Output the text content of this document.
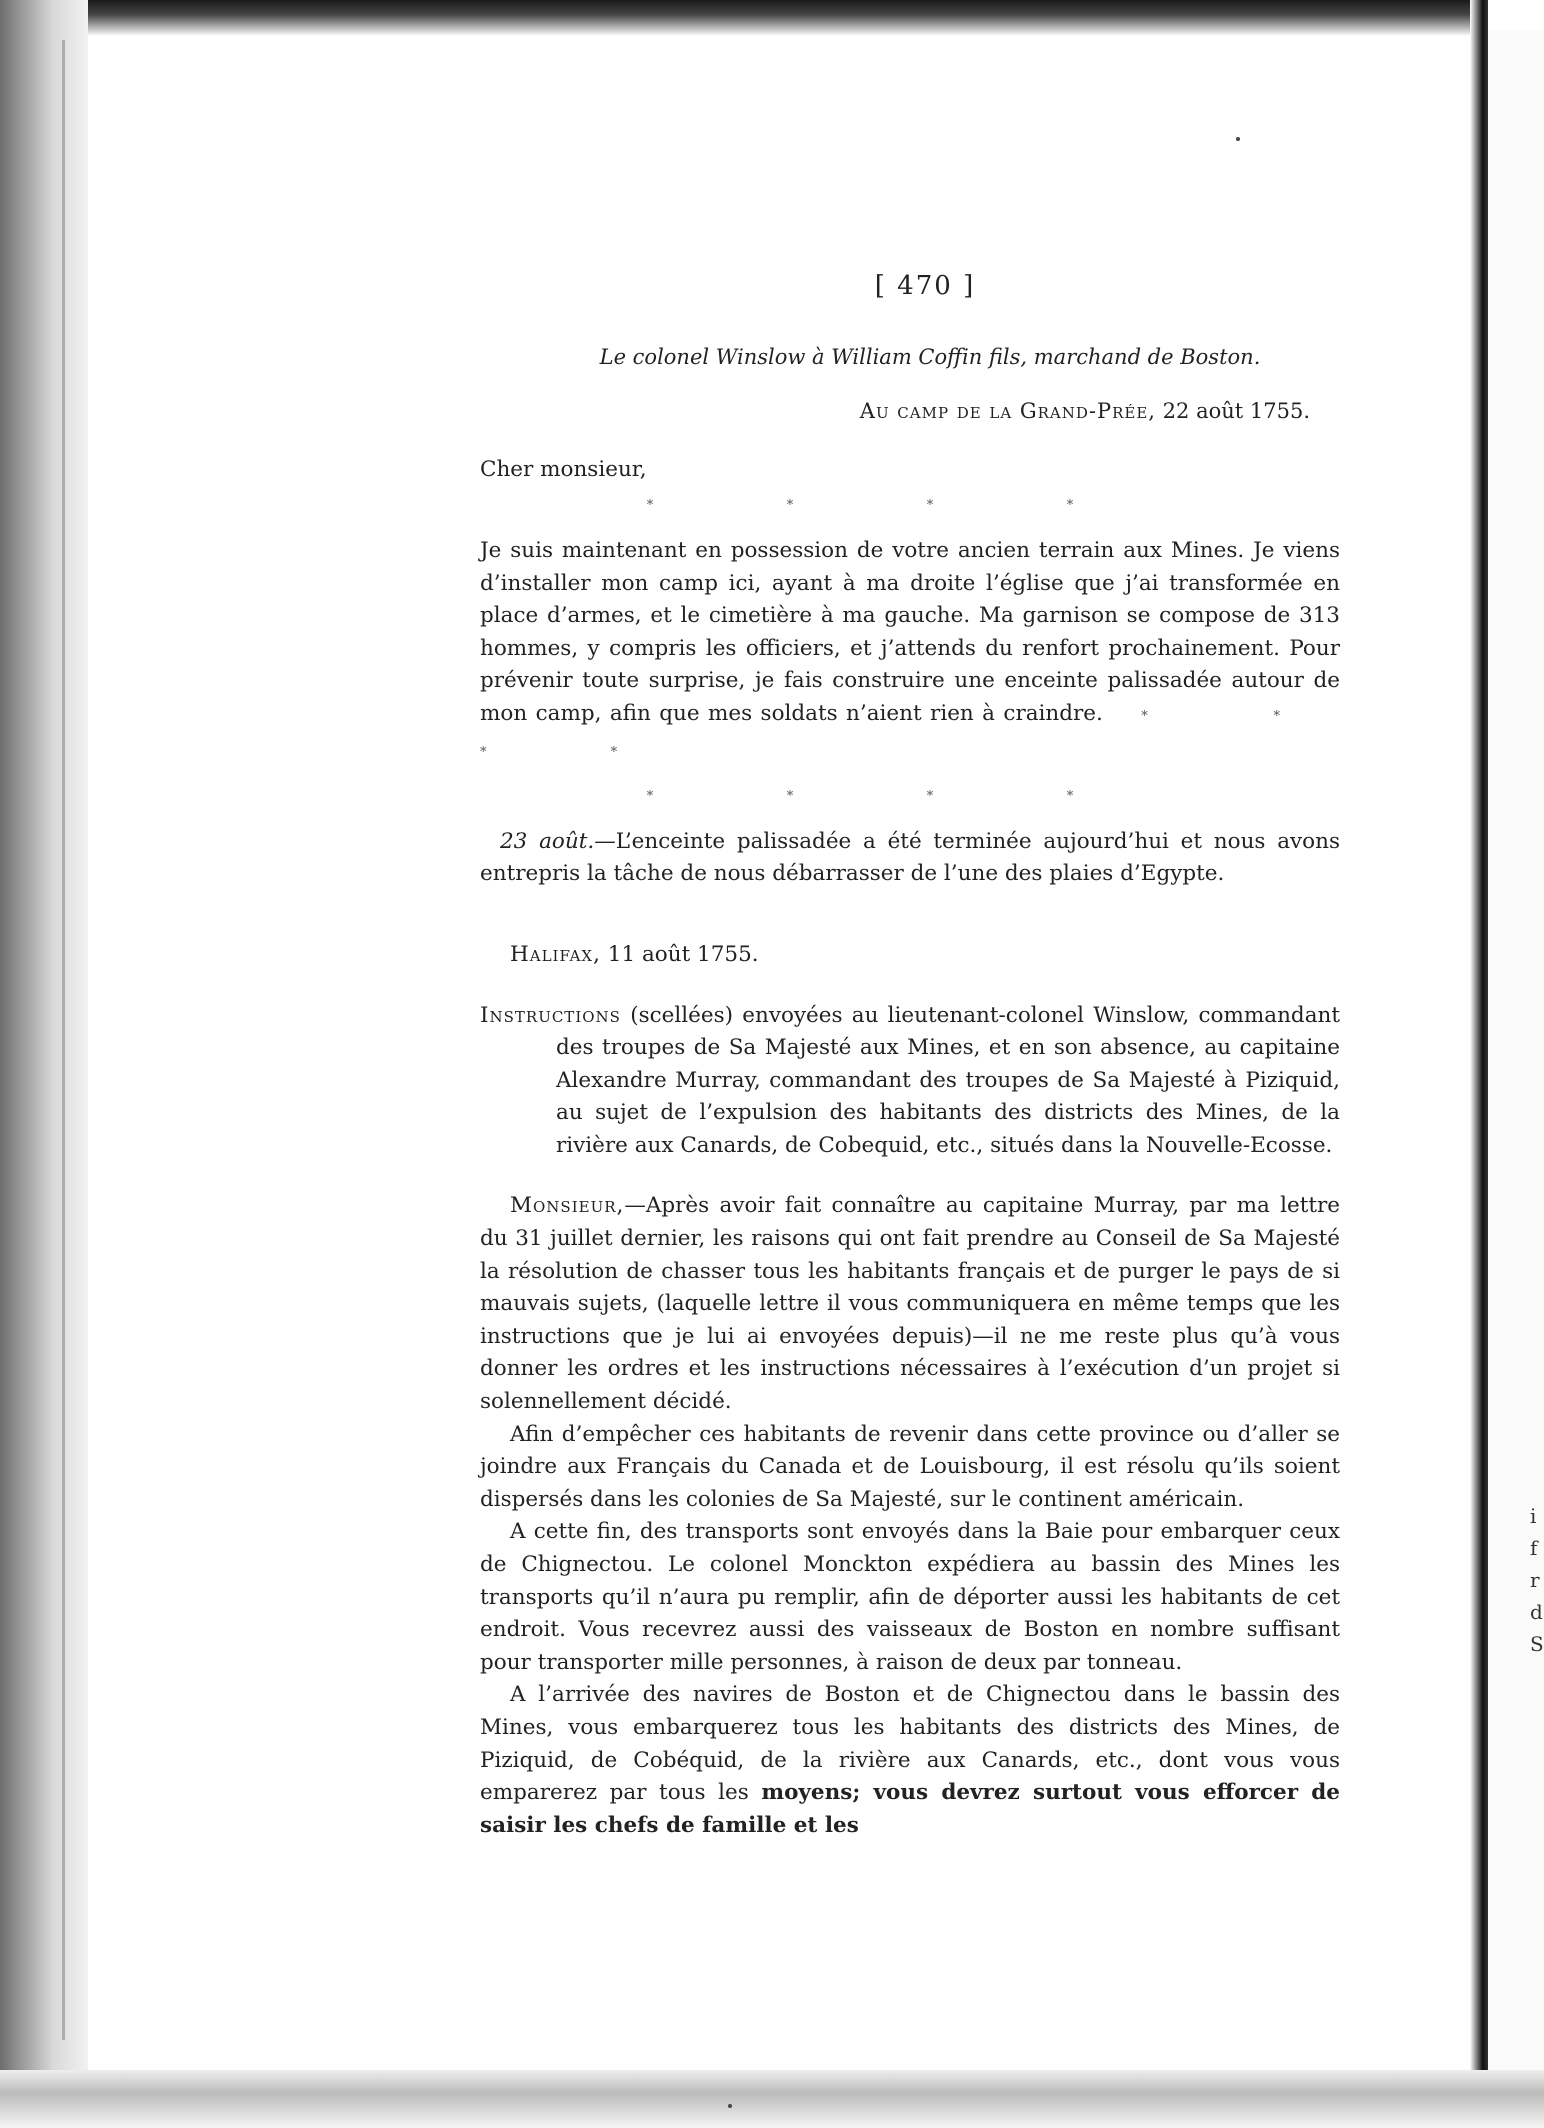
i
f
r
d
S
[ 470 ]
Le colonel Winslow à William Coffin fils, marchand de Boston.
Au camp de la Grand-Prée, 22 août 1755.

Cher monsieur,

*	*	*	*

Je suis maintenant en possession de votre ancien terrain aux Mines. Je viens d’installer mon camp ici, ayant à ma droite l’église que j’ai transformée en place d’armes, et le cimetière à ma gauche. Ma garnison se compose de 313 hommes, y compris les officiers, et j’attends du renfort prochainement. Pour prévenir toute surprise, je fais construire une enceinte palissadée autour de mon camp, afin que mes soldats n’aient rien à craindre.	* * * *

*	*	*	*

23 août.—L’enceinte palissadée a été terminée aujourd’hui et nous avons entrepris la tâche de nous débarrasser de l’une des plaies d’Egypte.

Halifax, 11 août 1755.

Instructions (scellées) envoyées au lieutenant-colonel Winslow, commandant des troupes de Sa Majesté aux Mines, et en son absence, au capitaine Alexandre Murray, commandant des troupes de Sa Majesté à Piziquid, au sujet de l’expulsion des habitants des districts des Mines, de la rivière aux Canards, de Cobequid, etc., situés dans la Nouvelle-Ecosse.

Monsieur,—Après avoir fait connaître au capitaine Murray, par ma lettre du 31 juillet dernier, les raisons qui ont fait prendre au Conseil de Sa Majesté la résolution de chasser tous les habitants français et de purger le pays de si mauvais sujets, (laquelle lettre il vous communiquera en même temps que les instructions que je lui ai envoyées depuis)—il ne me reste plus qu’à vous donner les ordres et les instructions nécessaires à l’exécution d’un projet si solennellement décidé.

Afin d’empêcher ces habitants de revenir dans cette province ou d’aller se joindre aux Français du Canada et de Louisbourg, il est résolu qu’ils soient dispersés dans les colonies de Sa Majesté, sur le continent américain.

A cette fin, des transports sont envoyés dans la Baie pour embarquer ceux de Chignectou. Le colonel Monckton expédiera au bassin des Mines les transports qu’il n’aura pu remplir, afin de déporter aussi les habitants de cet endroit. Vous recevrez aussi des vaisseaux de Boston en nombre suffisant pour transporter mille personnes, à raison de deux par tonneau.

A l’arrivée des navires de Boston et de Chignectou dans le bassin des Mines, vous embarquerez tous les habitants des districts des Mines, de Piziquid, de Cobéquid, de la rivière aux Canards, etc., dont vous vous emparerez par tous les moyens; vous devrez surtout vous efforcer de saisir les chefs de famille et les
